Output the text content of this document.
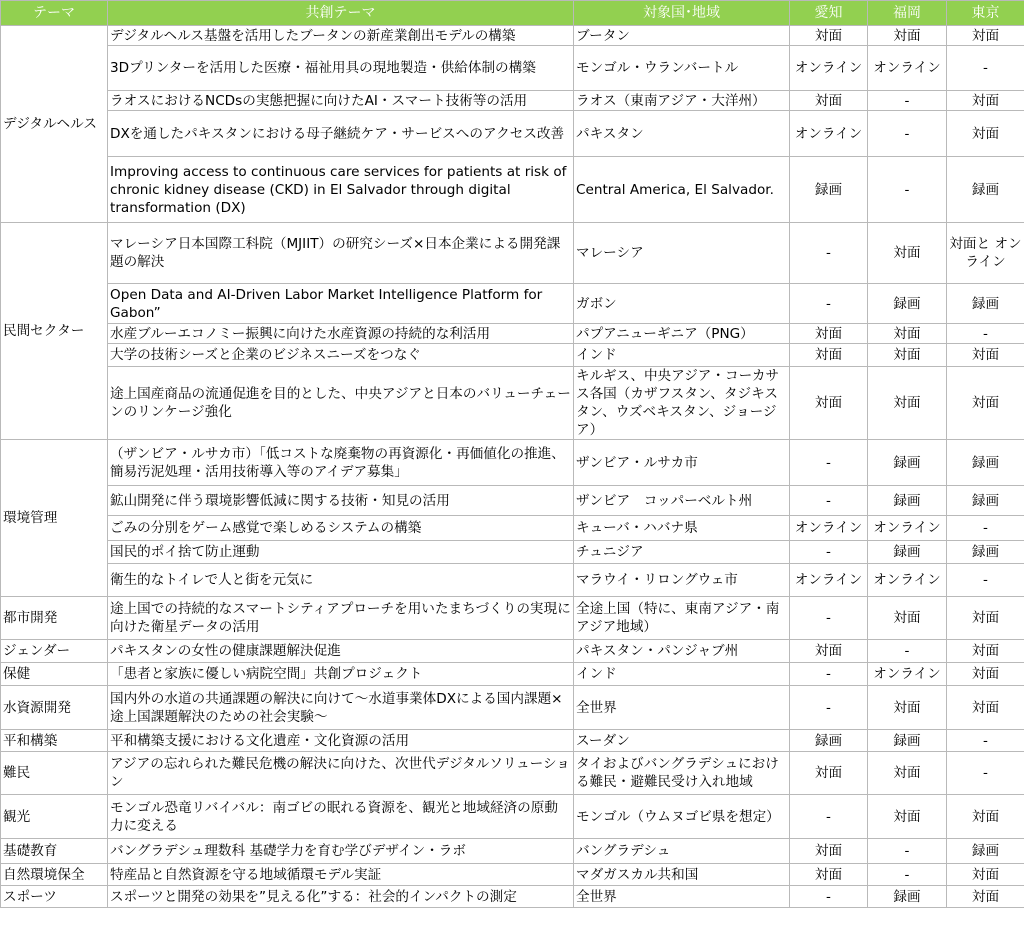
テーマ	共創テーマ	対象国･地域	愛知	福岡	東京
デジタルヘルス	デジタルヘルス基盤を活用したブータンの新産業創出モデルの構築	ブータン	対面	対面	対面
	3Dプリンターを活用した医療・福祉用具の現地製造・供給体制の構築	モンゴル・ウランバートル	オンライン	オンライン	-
	ラオスにおけるNCDsの実態把握に向けたAI・スマート技術等の活用	ラオス（東南アジア・大洋州）	対面	-	対面
	DXを通したパキスタンにおける母子継続ケア・サービスへのアクセス改善	パキスタン	オンライン	-	対面
	Improving access to continuous care services for patients at risk of chronic kidney disease (CKD) in El Salvador through digital transformation (DX)	Central America, El Salvador.	録画	-	録画
民間セクター	マレーシア日本国際工科院（MJIIT）の研究シーズ×日本企業による開発課題の解決	マレーシア	-	対面	対面と オンライン
	Open Data and AI-Driven Labor Market Intelligence Platform for Gabon”	ガボン	-	録画	録画
	水産ブルーエコノミー振興に向けた水産資源の持続的な利活用	パプアニューギニア（PNG）	対面	対面	-
	大学の技術シーズと企業のビジネスニーズをつなぐ	インド	対面	対面	対面
	途上国産商品の流通促進を目的とした、中央アジアと日本のバリューチェーンのリンケージ強化	キルギス、中央アジア・コーカサス各国（カザフスタン、タジキスタン、ウズベキスタン、ジョージア）	対面	対面	対面
環境管理	（ザンビア・ルサカ市）「低コストな廃棄物の再資源化・再価値化の推進、簡易汚泥処理・活用技術導入等のアイデア募集」	ザンビア・ルサカ市	-	録画	録画
	鉱山開発に伴う環境影響低減に関する技術・知見の活用	ザンビア　コッパーベルト州	-	録画	録画
	ごみの分別をゲーム感覚で楽しめるシステムの構築	キューバ・ハバナ県	オンライン	オンライン	-
	国民的ポイ捨て防止運動	チュニジア	-	録画	録画
	衛生的なトイレで人と街を元気に	マラウイ・リロングウェ市	オンライン	オンライン	-
都市開発	途上国での持続的なスマートシティアプローチを用いたまちづくりの実現に向けた衛星データの活用	全途上国（特に、東南アジア・南アジア地域）	-	対面	対面
ジェンダー	パキスタンの女性の健康課題解決促進	パキスタン・パンジャブ州	対面	-	対面
保健	「患者と家族に優しい病院空間」共創プロジェクト	インド	-	オンライン	対面
水資源開発	国内外の水道の共通課題の解決に向けて～水道事業体DXによる国内課題×途上国課題解決のための社会実験～	全世界	-	対面	対面
平和構築	平和構築支援における文化遺産・文化資源の活用	スーダン	録画	録画	-
難民	アジアの忘れられた難民危機の解決に向けた、次世代デジタルソリューション	タイおよびバングラデシュにおける難民・避難民受け入れ地域	対面	対面	-
観光	モンゴル恐竜リバイバル：南ゴビの眠れる資源を、観光と地域経済の原動力に変える	モンゴル（ウムヌゴビ県を想定）	-	対面	対面
基礎教育	バングラデシュ理数科 基礎学力を育む学びデザイン・ラボ	バングラデシュ	対面	-	録画
自然環境保全	特産品と自然資源を守る地域循環モデル実証	マダガスカル共和国	対面	-	対面
スポーツ	スポーツと開発の効果を”見える化”する：社会的インパクトの測定	全世界	-	録画	対面
